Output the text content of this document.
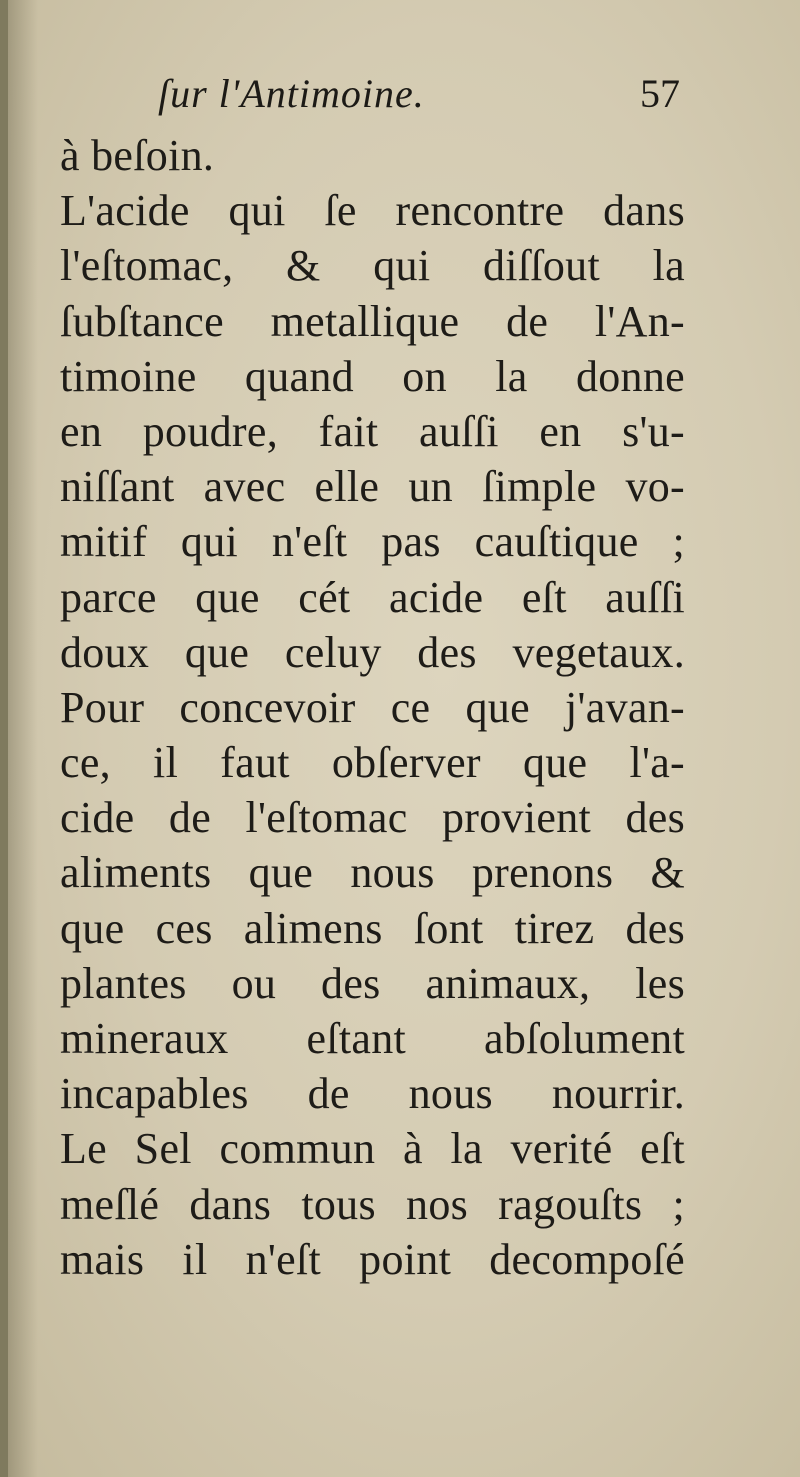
ſur l'Antimoine.	57
à beſoin.
L'acide qui ſe rencontre dans
l'eſtomac, & qui diſſout la
ſubſtance metallique de l'An-
timoine quand on la donne
en poudre, fait auſſi en s'u-
niſſant avec elle un ſimple vo-
mitif qui n'eſt pas cauſtique ;
parce que cét acide eſt auſſi
doux que celuy des vegetaux.
Pour concevoir ce que j'avan-
ce, il faut obſerver que l'a-
cide de l'eſtomac provient des
aliments que nous prenons &
que ces alimens ſont tirez des
plantes ou des animaux, les
mineraux eſtant abſolument
incapables de nous nourrir.
Le Sel commun à la verité eſt
meſlé dans tous nos ragouſts ;
mais il n'eſt point decompoſé
